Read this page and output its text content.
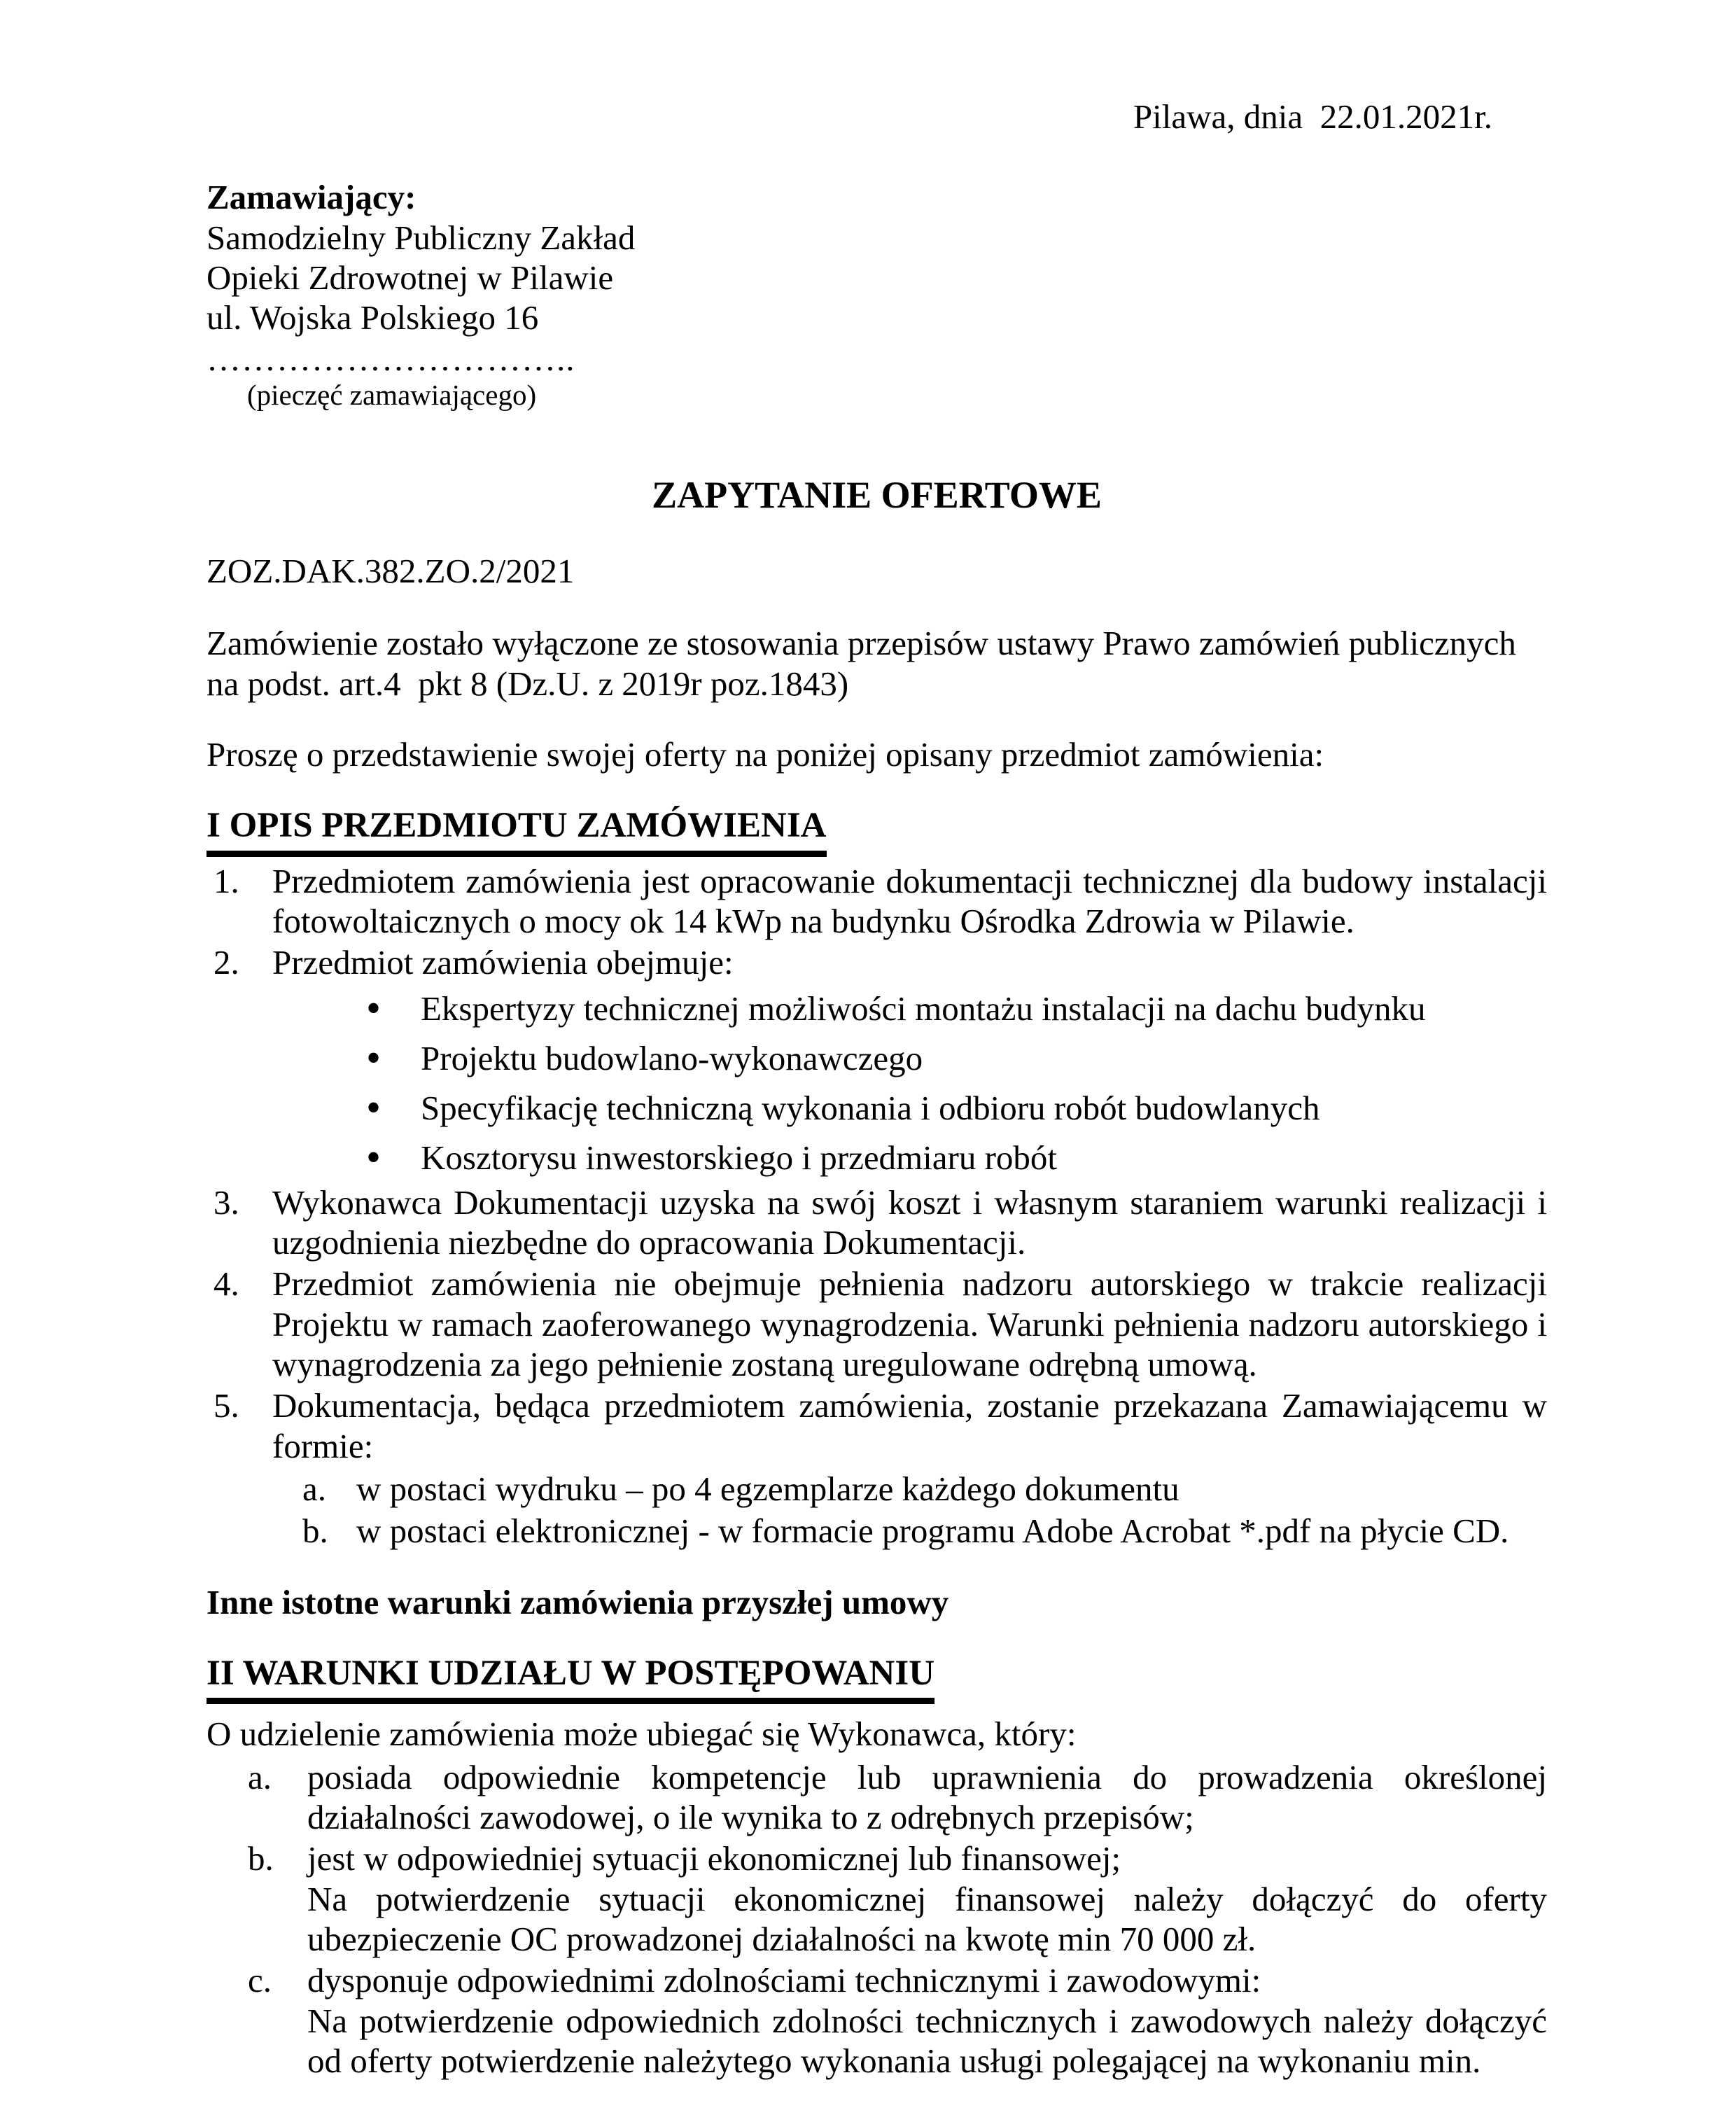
Pilawa, dnia  22.01.2021r.
Zamawiający:
Samodzielny Publiczny Zakład
Opieki Zdrowotnej w Pilawie
ul. Wojska Polskiego 16
…………………………..
(pieczęć zamawiającego)
ZAPYTANIE OFERTOWE
ZOZ.DAK.382.ZO.2/2021

Zamówienie zostało wyłączone ze stosowania przepisów ustawy Prawo zamówień publicznych na podst. art.4  pkt 8 (Dz.U. z 2019r poz.1843)

Proszę o przedstawienie swojej oferty na poniżej opisany przedmiot zamówienia:

I OPIS PRZEDMIOTU ZAMÓWIENIA
1. Przedmiotem zamówienia jest opracowanie dokumentacji technicznej dla budowy instalacji fotowoltaicznych o mocy ok 14 kWp na budynku Ośrodka Zdrowia w Pilawie.
2. Przedmiot zamówienia obejmuje:
•	Ekspertyzy technicznej możliwości montażu instalacji na dachu budynku
•	Projektu budowlano-wykonawczego
•	Specyfikację techniczną wykonania i odbioru robót budowlanych
•	Kosztorysu inwestorskiego i przedmiaru robót
3. Wykonawca Dokumentacji uzyska na swój koszt i własnym staraniem warunki realizacji i uzgodnienia niezbędne do opracowania Dokumentacji.
4. Przedmiot zamówienia nie obejmuje pełnienia nadzoru autorskiego w trakcie realizacji Projektu w ramach zaoferowanego wynagrodzenia. Warunki pełnienia nadzoru autorskiego i wynagrodzenia za jego pełnienie zostaną uregulowane odrębną umową.
5. Dokumentacja, będąca przedmiotem zamówienia, zostanie przekazana Zamawiającemu w formie:
a. w postaci wydruku – po 4 egzemplarze każdego dokumentu
b. w postaci elektronicznej - w formacie programu Adobe Acrobat *.pdf na płycie CD.

Inne istotne warunki zamówienia przyszłej umowy

II WARUNKI UDZIAŁU W POSTĘPOWANIU

O udzielenie zamówienia może ubiegać się Wykonawca, który:

a.	posiada odpowiednie kompetencje lub uprawnienia do prowadzenia określonej działalności zawodowej, o ile wynika to z odrębnych przepisów;
b. jest w odpowiedniej sytuacji ekonomicznej lub finansowej;
Na potwierdzenie sytuacji ekonomicznej finansowej należy dołączyć do oferty ubezpieczenie OC prowadzonej działalności na kwotę min 70 000 zł.
c.	dysponuje odpowiednimi zdolnościami technicznymi i zawodowymi:
Na potwierdzenie odpowiednich zdolności technicznych i zawodowych należy dołączyć od oferty potwierdzenie należytego wykonania usługi polegającej na wykonaniu min.
